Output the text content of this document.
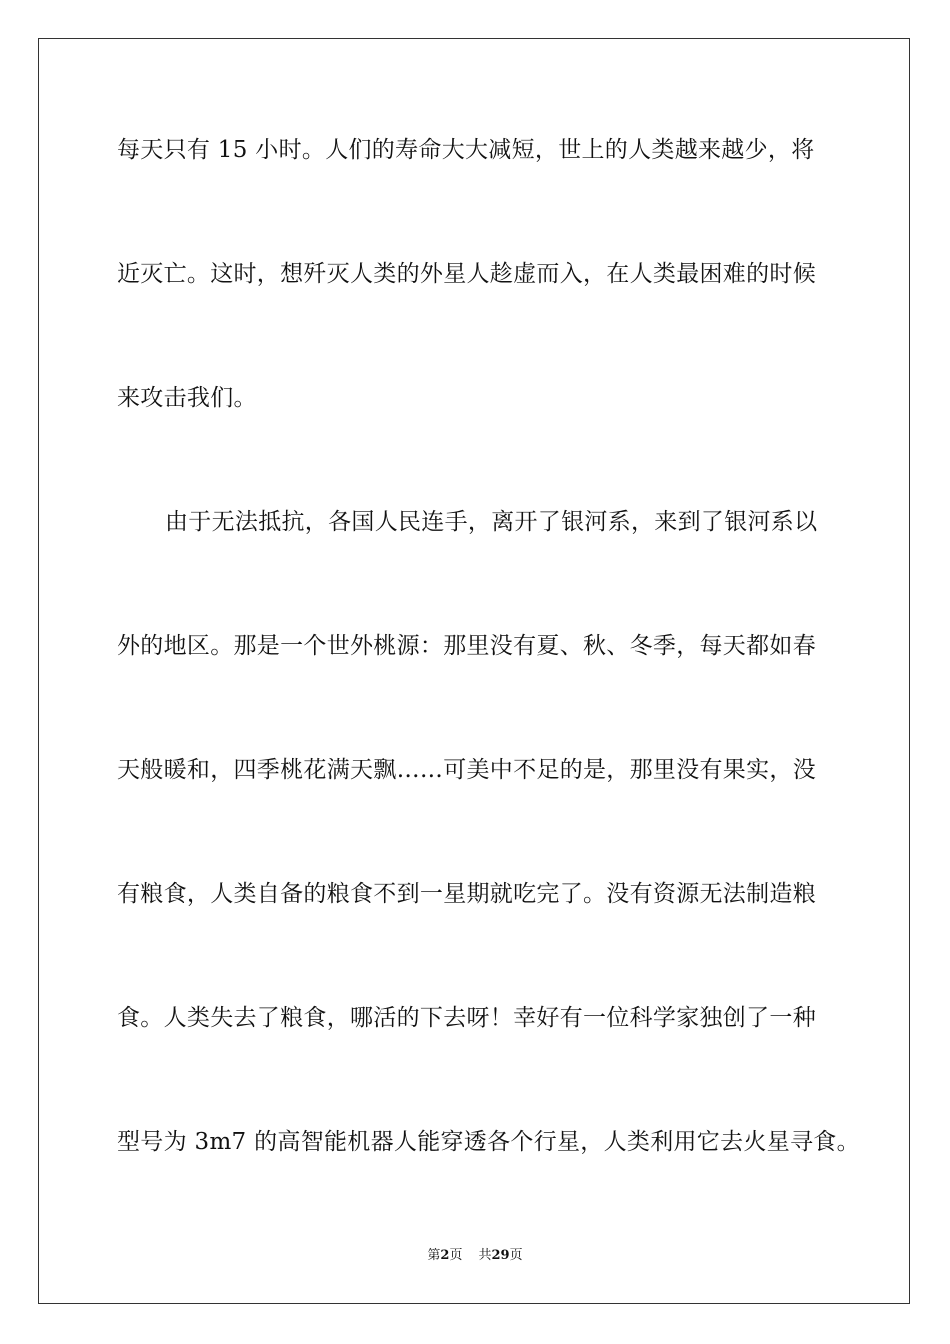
每天只有 15 小时。人们的寿命大大减短，世上的人类越来越少，将
近灭亡。这时，想歼灭人类的外星人趁虚而入，在人类最困难的时候
来攻击我们。
由于无法抵抗，各国人民连手，离开了银河系，来到了银河系以
外的地区。那是一个世外桃源：那里没有夏、秋、冬季，每天都如春
天般暖和，四季桃花满天飘……可美中不足的是，那里没有果实，没
有粮食，人类自备的粮食不到一星期就吃完了。没有资源无法制造粮
食。人类失去了粮食，哪活的下去呀！幸好有一位科学家独创了一种
型号为 3m7 的高智能机器人能穿透各个行星，人类利用它去火星寻食。
第2页 共29页
